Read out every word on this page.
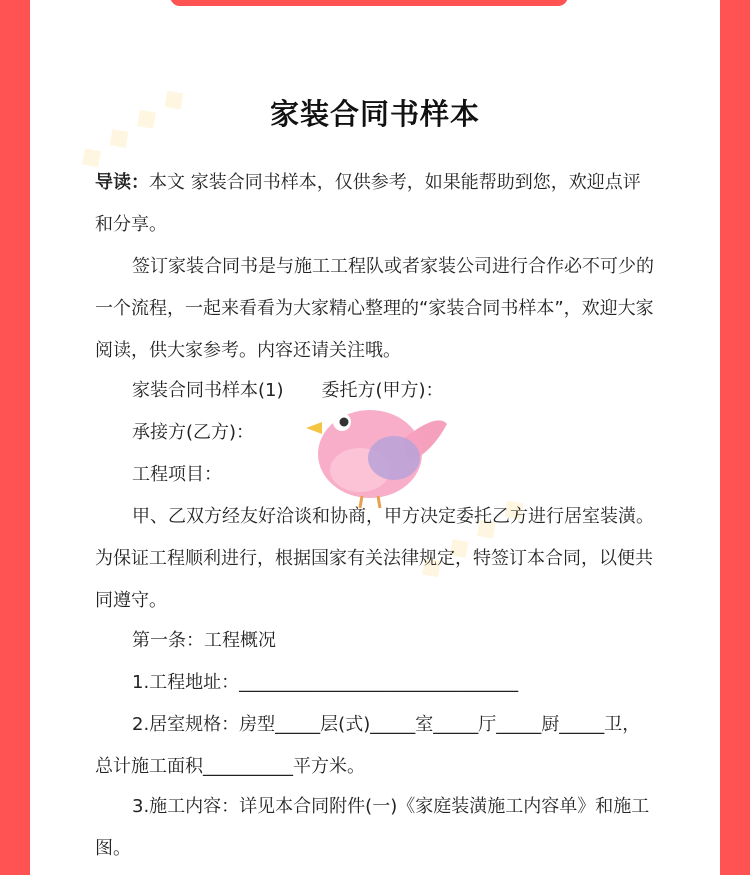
◆ ◆ ◆ ◆
◆ ◆ ◆ ◆
家装合同书样本

导读：本文 家装合同书样本，仅供参考，如果能帮助到您，欢迎点评和分享。

签订家装合同书是与施工工程队或者家装公司进行合作必不可少的一个流程，一起来看看为大家精心整理的“家装合同书样本”，欢迎大家阅读，供大家参考。内容还请关注哦。

家装合同书样本(1) 委托方(甲方)：

承接方(乙方)：

工程项目：

甲、乙双方经友好洽谈和协商，甲方决定委托乙方进行居室装潢。为保证工程顺利进行，根据国家有关法律规定，特签订本合同，以便共同遵守。

第一条：工程概况

1.工程地址：_______________________________

2.居室规格：房型_____层(式)_____室_____厅_____厨_____卫，总计施工面积__________平方米。

3.施工内容：详见本合同附件(一)《家庭装潢施工内容单》和施工图。
